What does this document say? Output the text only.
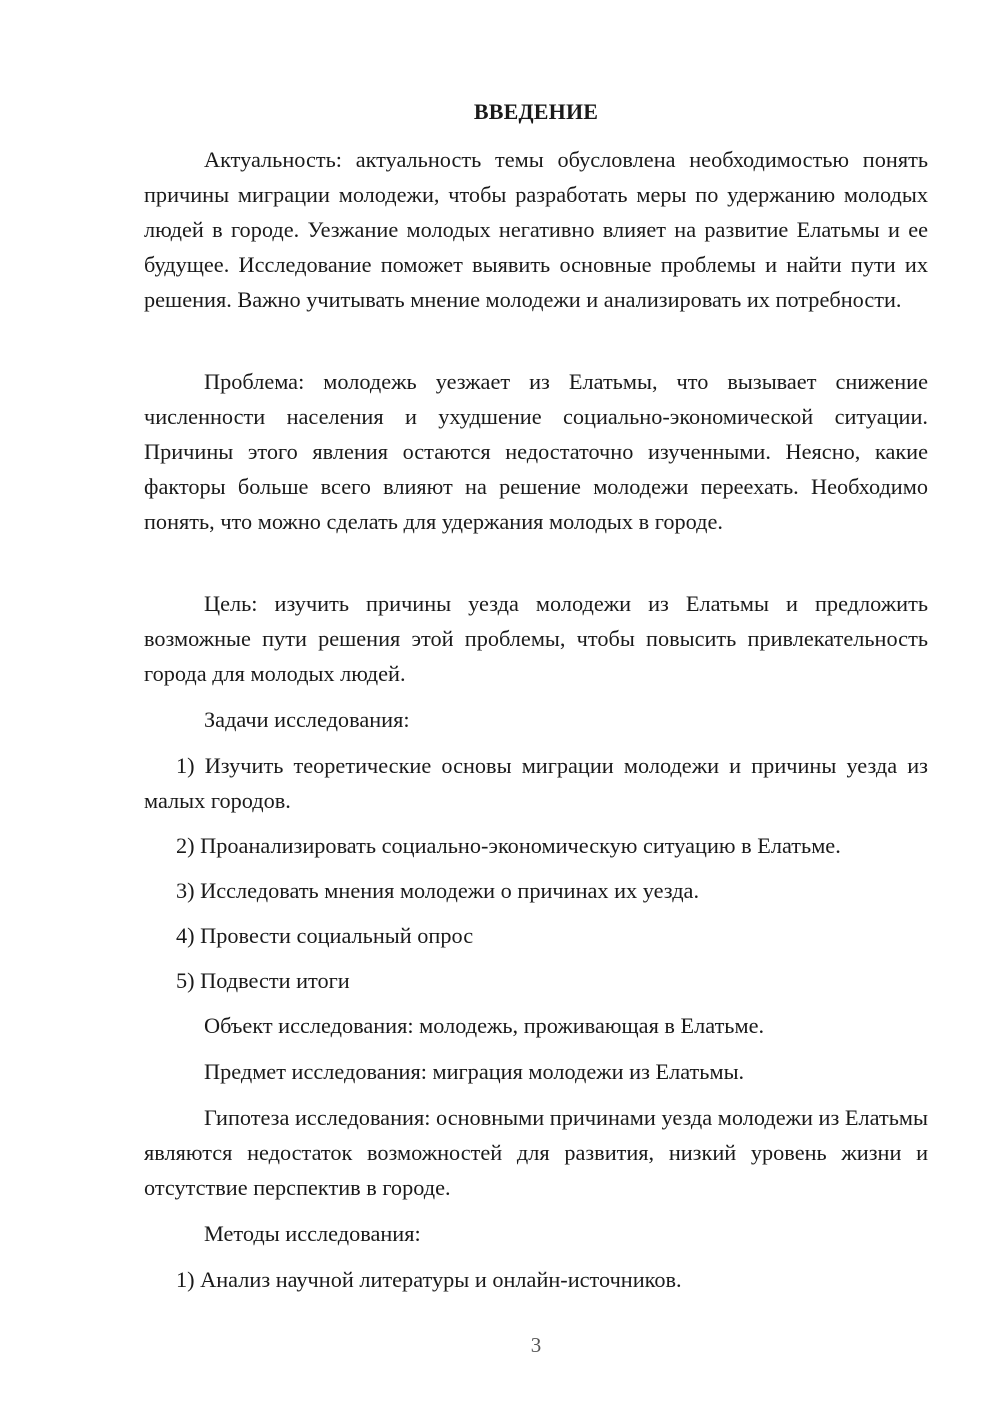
ВВЕДЕНИЕ

Актуальность: актуальность темы обусловлена необходимостью понять причины миграции молодежи, чтобы разработать меры по удержанию молодых людей в городе. Уезжание молодых негативно влияет на развитие Елатьмы и ее будущее. Исследование поможет выявить основные проблемы и найти пути их решения. Важно учитывать мнение молодежи и анализировать их потребности.

Проблема: молодежь уезжает из Елатьмы, что вызывает снижение численности населения и ухудшение социально-экономической ситуации. Причины этого явления остаются недостаточно изученными. Неясно, какие факторы больше всего влияют на решение молодежи переехать. Необходимо понять, что можно сделать для удержания молодых в городе.

Цель: изучить причины уезда молодежи из Елатьмы и предложить возможные пути решения этой проблемы, чтобы повысить привлекательность города для молодых людей.

Задачи исследования:

1) Изучить теоретические основы миграции молодежи и причины уезда из малых городов.

2) Проанализировать социально-экономическую ситуацию в Елатьме.
3) Исследовать мнения молодежи о причинах их уезда.
4) Провести социальный опрос
5) Подвести итоги
Объект исследования: молодежь, проживающая в Елатьме.
Предмет исследования: миграция молодежи из Елатьмы.

Гипотеза исследования: основными причинами уезда молодежи из Елатьмы являются недостаток возможностей для развития, низкий уровень жизни и отсутствие перспектив в городе.

Методы исследования:
1) Анализ научной литературы и онлайн-источников.
3
